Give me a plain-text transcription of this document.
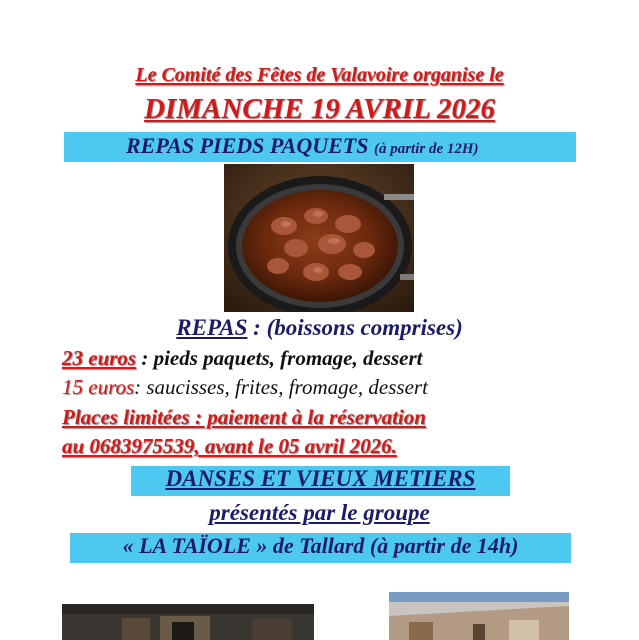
Le Comité des Fêtes de Valavoire organise le
DIMANCHE 19 AVRIL 2026
REPAS PIEDS PAQUETS (à partir de 12H)
REPAS : (boissons comprises)
23 euros : pieds paquets, fromage, dessert
15 euros: saucisses, frites, fromage, dessert
Places limitées : paiement à la réservation
au 0683975539, avant le 05 avril 2026.
DANSES ET VIEUX METIERS
présentés par le groupe
« LA TAÏOLE » de Tallard (à partir de 14h)
